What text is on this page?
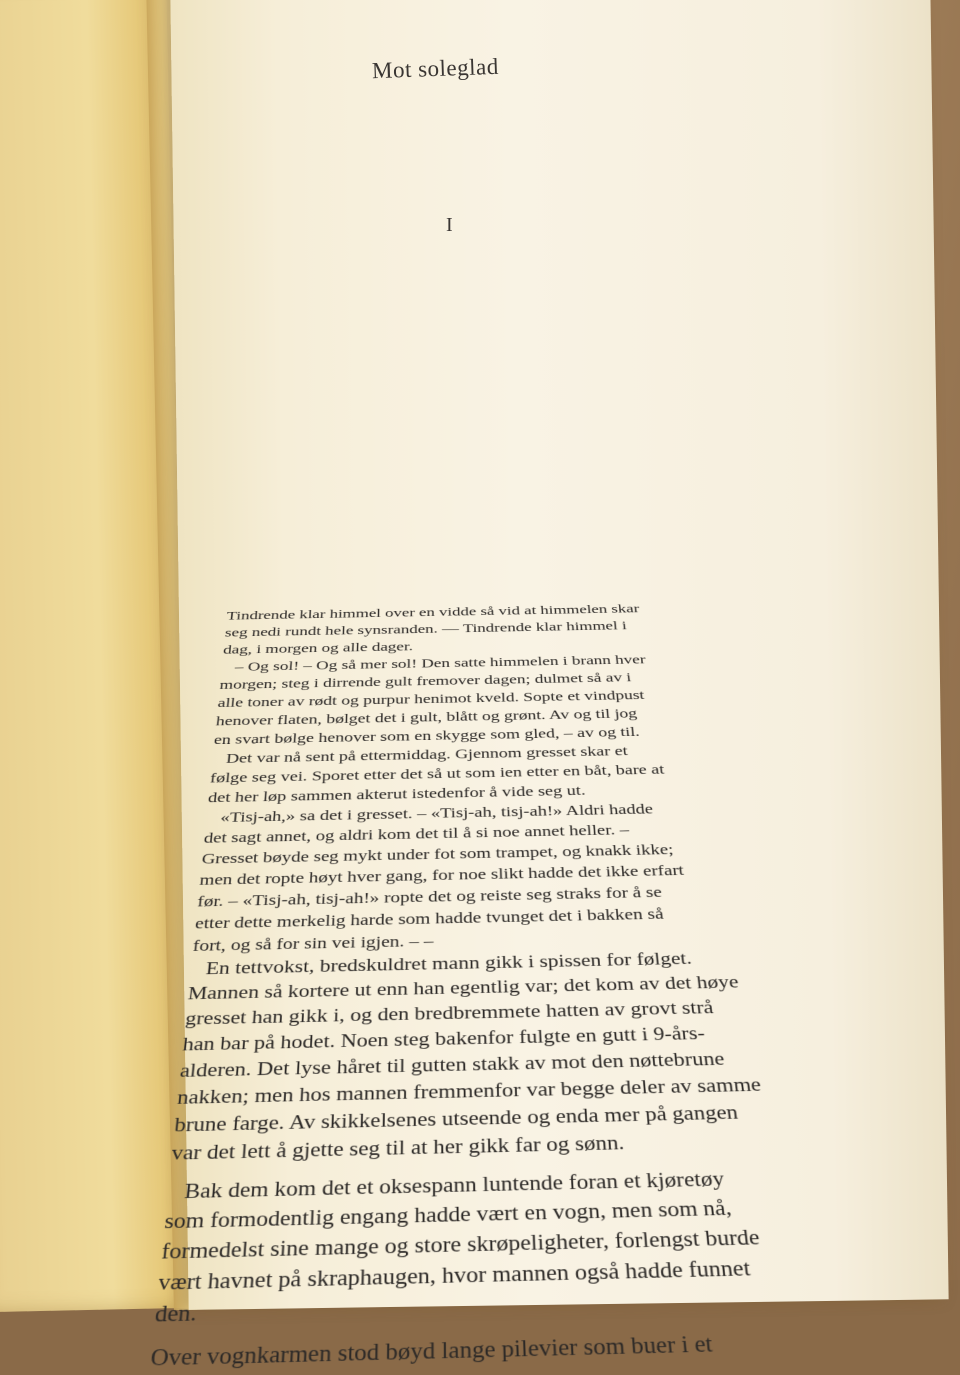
Mot soleglad
I

Tindrende klar himmel over en vidde så vid at himmelen skar

seg nedi rundt hele synsranden. — Tindrende klar himmel i

dag, i morgen og alle dager.

– Og sol! – Og så mer sol! Den satte himmelen i brann hver

morgen; steg i dirrende gult fremover dagen; dulmet så av i

alle toner av rødt og purpur henimot kveld. Sopte et vindpust

henover flaten, bølget det i gult, blått og grønt. Av og til jog

en svart bølge henover som en skygge som gled, – av og til.

Det var nå sent på ettermiddag. Gjennom gresset skar et

følge seg vei. Sporet etter det så ut som ien etter en båt, bare at

det her løp sammen akterut istedenfor å vide seg ut.

«Tisj-ah,» sa det i gresset. – «Tisj-ah, tisj-ah!» Aldri hadde

det sagt annet, og aldri kom det til å si noe annet heller. –

Gresset bøyde seg mykt under fot som trampet, og knakk ikke;

men det ropte høyt hver gang, for noe slikt hadde det ikke erfart

før. – «Tisj-ah, tisj-ah!» ropte det og reiste seg straks for å se

etter dette merkelig harde som hadde tvunget det i bakken så

fort, og så for sin vei igjen. – –

En tettvokst, bredskuldret mann gikk i spissen for følget.

Mannen så kortere ut enn han egentlig var; det kom av det høye

gresset han gikk i, og den bredbremmete hatten av grovt strå

han bar på hodet. Noen steg bakenfor fulgte en gutt i 9-års-

alderen. Det lyse håret til gutten stakk av mot den nøttebrune

nakken; men hos mannen fremmenfor var begge deler av samme

brune farge. Av skikkelsenes utseende og enda mer på gangen

var det lett å gjette seg til at her gikk far og sønn.

Bak dem kom det et oksespann luntende foran et kjøretøy

som formodentlig engang hadde vært en vogn, men som nå,

formedelst sine mange og store skrøpeligheter, forlengst burde

vært havnet på skraphaugen, hvor mannen også hadde funnet

den.

Over vognkarmen stod bøyd lange pilevier som buer i et
